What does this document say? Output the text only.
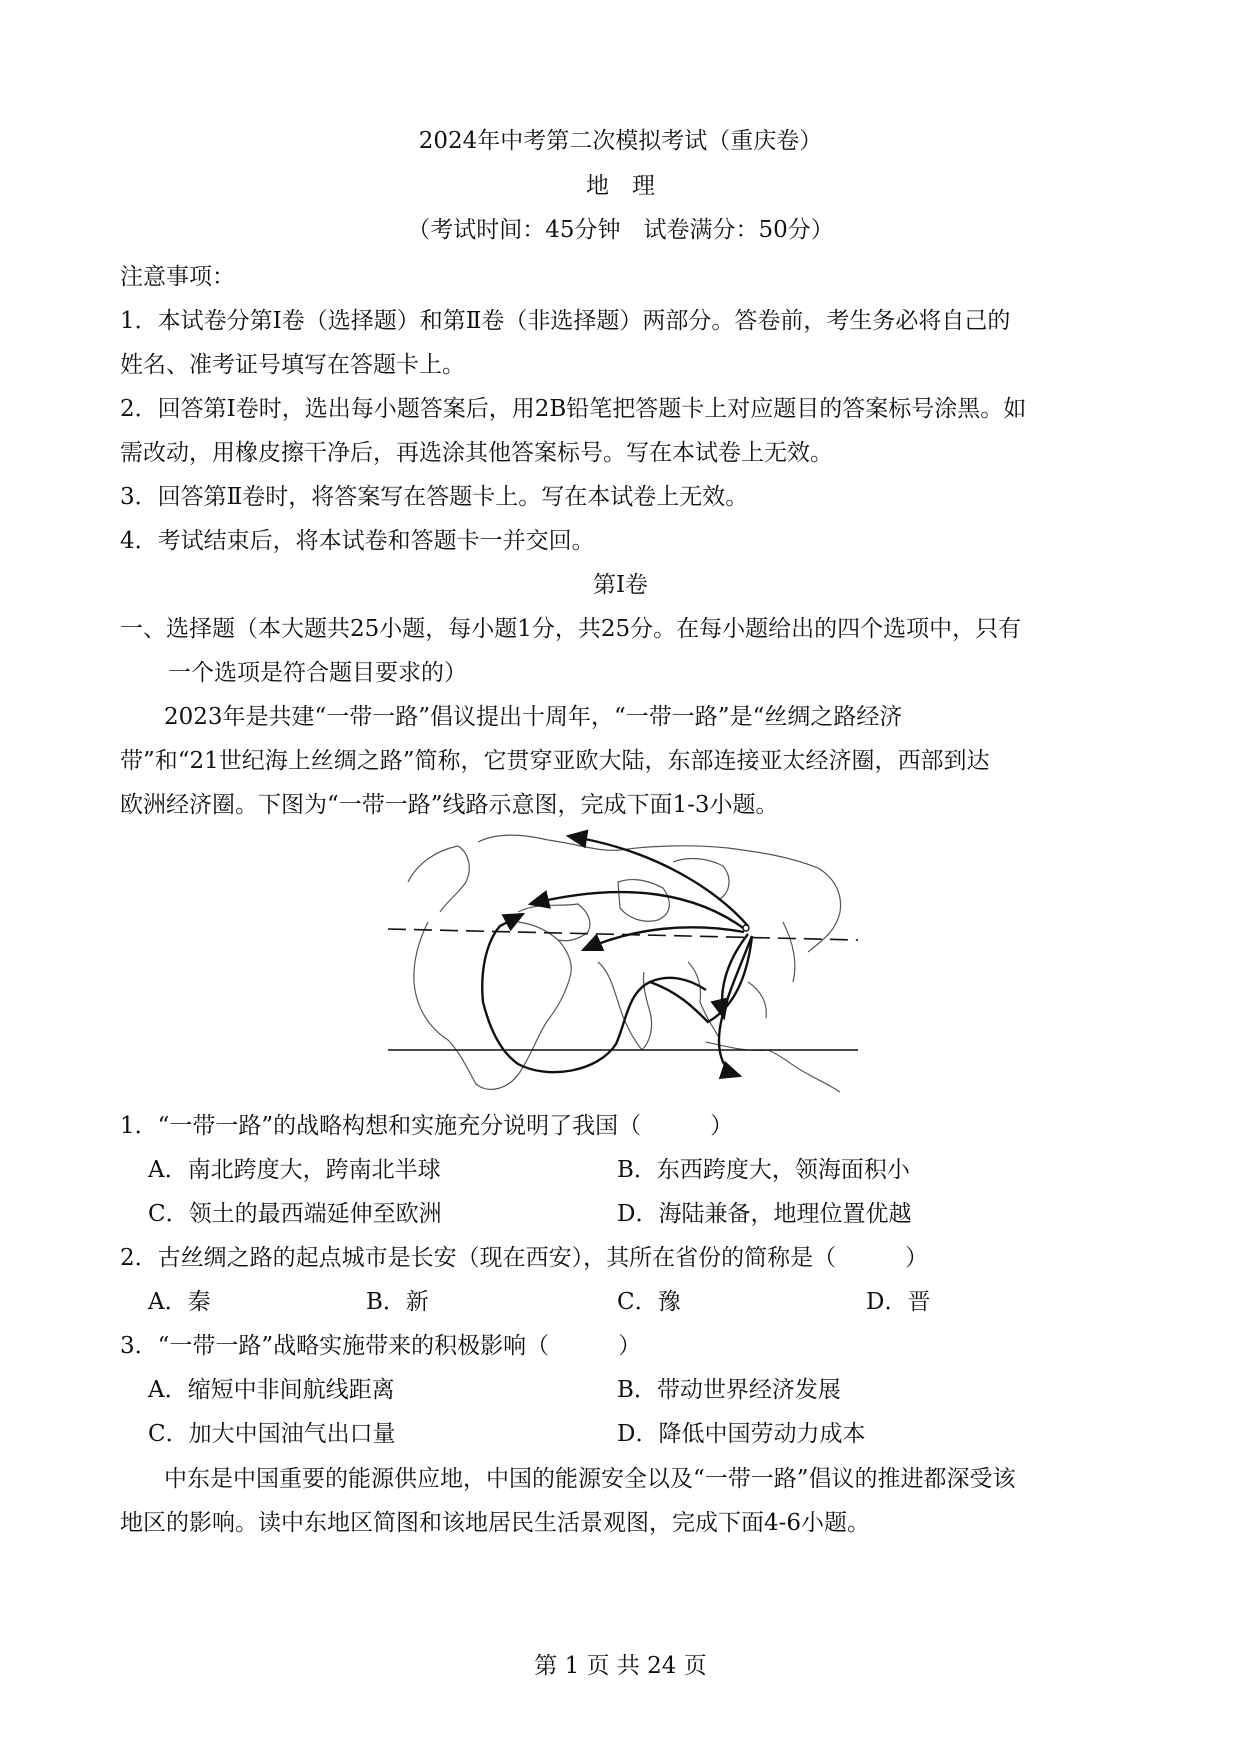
2024年中考第二次模拟考试（重庆卷）
地　理
（考试时间：45分钟　试卷满分：50分）
注意事项：
1．本试卷分第Ⅰ卷（选择题）和第Ⅱ卷（非选择题）两部分。答卷前，考生务必将自己的
姓名、准考证号填写在答题卡上。
2．回答第Ⅰ卷时，选出每小题答案后，用2B铅笔把答题卡上对应题目的答案标号涂黑。如
需改动，用橡皮擦干净后，再选涂其他答案标号。写在本试卷上无效。
3．回答第Ⅱ卷时，将答案写在答题卡上。写在本试卷上无效。
4．考试结束后，将本试卷和答题卡一并交回。
第Ⅰ卷
一、选择题（本大题共25小题，每小题1分，共25分。在每小题给出的四个选项中，只有
一个选项是符合题目要求的）
2023年是共建“一带一路”倡议提出十周年，“一带一路”是“丝绸之路经济
带”和“21世纪海上丝绸之路”简称，它贯穿亚欧大陆，东部连接亚太经济圈，西部到达
欧洲经济圈。下图为“一带一路”线路示意图，完成下面1-3小题。
1．“一带一路”的战略构想和实施充分说明了我国（　　　）
A．南北跨度大，跨南北半球	B．东西跨度大，领海面积小
C．领土的最西端延伸至欧洲	D．海陆兼备，地理位置优越
2．古丝绸之路的起点城市是长安（现在西安），其所在省份的简称是（　　　）
A．秦	B．新	C．豫	D．晋
3．“一带一路”战略实施带来的积极影响（　　　）
A．缩短中非间航线距离	B．带动世界经济发展
C．加大中国油气出口量	D．降低中国劳动力成本
中东是中国重要的能源供应地，中国的能源安全以及“一带一路”倡议的推进都深受该
地区的影响。读中东地区简图和该地居民生活景观图，完成下面4-6小题。
第 1 页 共 24 页
